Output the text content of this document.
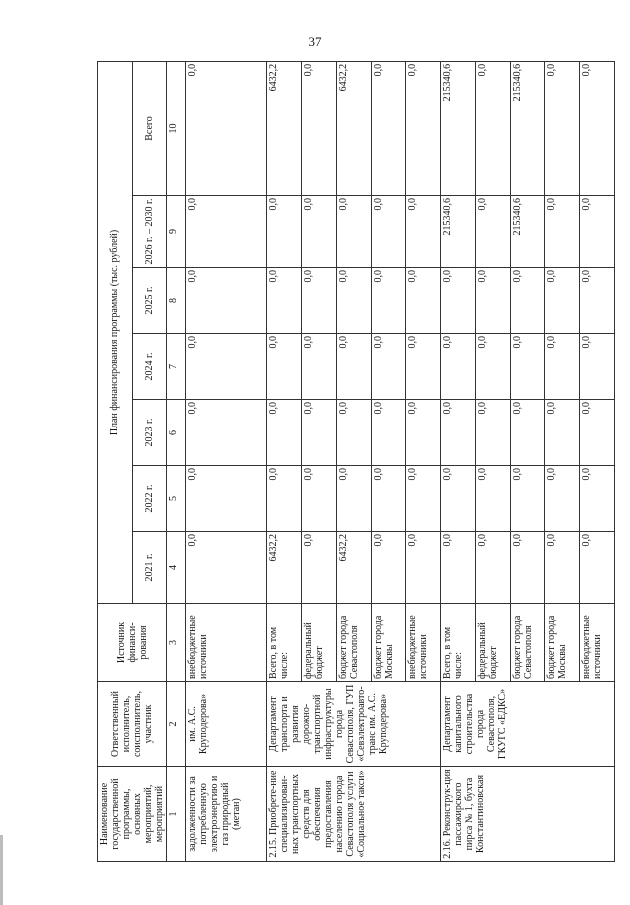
37
Наименование государственной программы, основных мероприятий, мероприятий	Ответственный исполнитель, соисполнитель, участник	Источник финанси-рования	План финансирования программы (тыс. рублей)						
			2021 г.	2022 г.	2023 г.	2024 г.	2025 г.	2026 г. – 2030 г.	Всего
1	2	3	4	5	6	7	8	9	10
задолженности за потребленную электроэнергию и газ природный (метан)	им. А.С. Круподерова»	внебюджетные источники	0,0	0,0	0,0	0,0	0,0	0,0	0,0
2.15. Приобрете-ние специализирован-ных транспортных средств для обеспечения предоставления населению города Севастополя услуги «Социальное такси»	Департамент транспорта и развития дорожно-транспортной инфраструктуры города Севастополя, ГУП «Севэлектроавто-транс им. А.С. Круподерова»	Всего, в том числе:	6432,2	0,0	0,0	0,0	0,0	0,0	6432,2
		федеральный бюджет	0,0	0,0	0,0	0,0	0,0	0,0	0,0
		бюджет города Севастополя	6432,2	0,0	0,0	0,0	0,0	0,0	6432,2
		бюджет города Москвы	0,0	0,0	0,0	0,0	0,0	0,0	0,0
		внебюджетные источники	0,0	0,0	0,0	0,0	0,0	0,0	0,0
2.16. Реконструк-ция пассажирского пирса № 1, бухта Константиновская	Департамент капитального строительства города Севастополя, ГКУГС «ЕДКС»	Всего, в том числе:	0,0	0,0	0,0	0,0	0,0	215340,6	215340,6
		федеральный бюджет	0,0	0,0	0,0	0,0	0,0	0,0	0,0
		бюджет города Севастополя	0,0	0,0	0,0	0,0	0,0	215340,6	215340,6
		бюджет города Москвы	0,0	0,0	0,0	0,0	0,0	0,0	0,0
		внебюджетные источники	0,0	0,0	0,0	0,0	0,0	0,0	0,0
